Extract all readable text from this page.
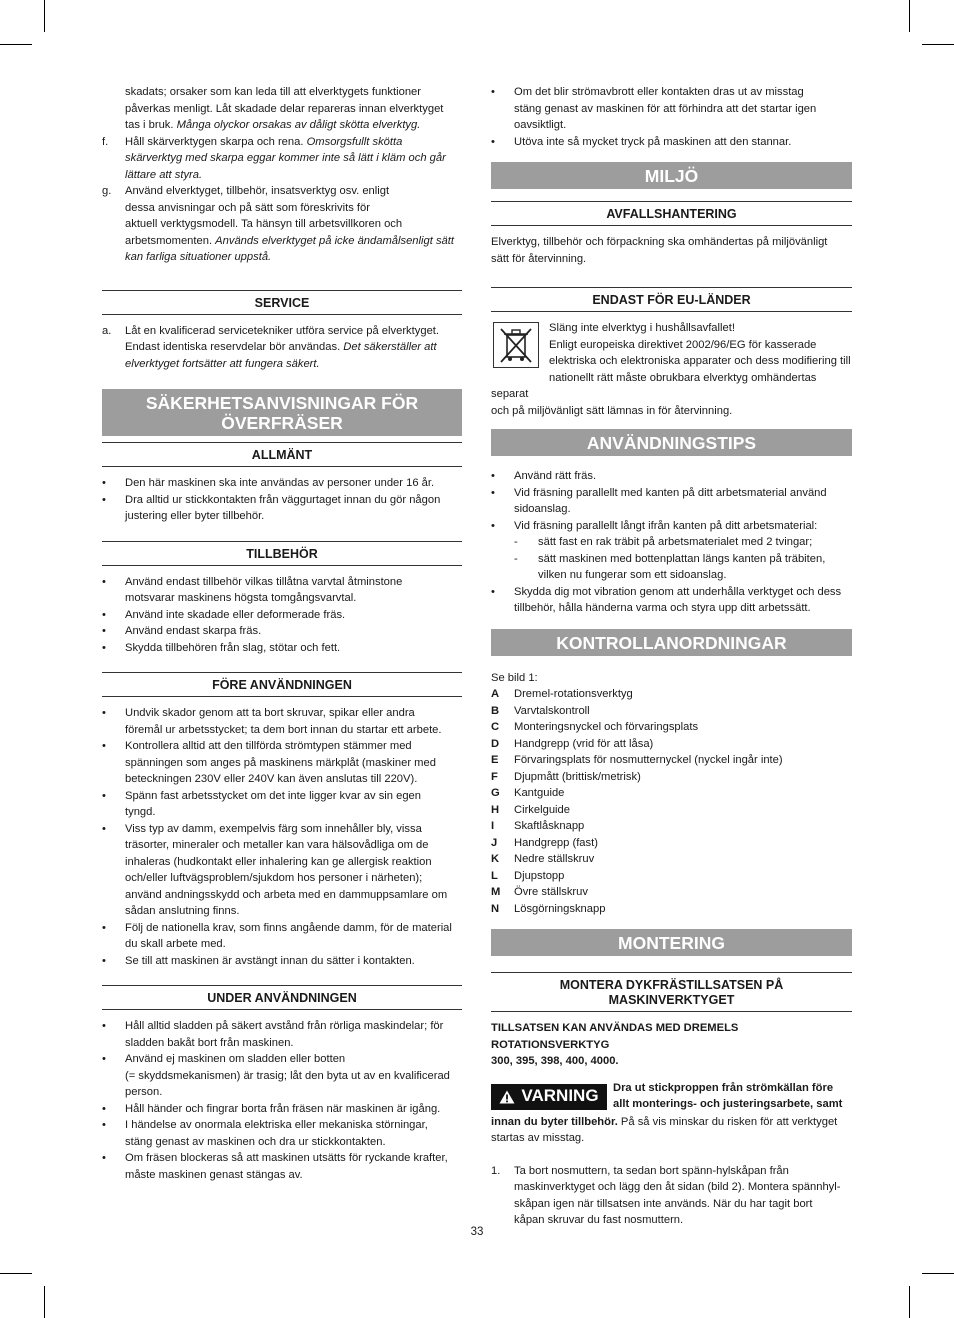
skadats; orsaker som kan leda till att elverktygets funktioner

påverkas menligt. Låt skadade delar repareras innan elverktyget

tas i bruk. Många olyckor orsakas av dåligt skötta elverktyg.

f.	Håll skärverktygen skarpa och rena. Omsorgsfullt skötta

skärverktyg med skarpa eggar kommer inte så lätt i kläm och går

lättare att styra.

g.	Använd elverktyget, tillbehör, insatsverktyg osv. enligt

dessa anvisningar och på sätt som föreskrivits för

aktuell verktygsmodell. Ta hänsyn till arbetsvillkoren och

arbetsmomenten. Används elverktyget på icke ändamålsenligt sätt

kan farliga situationer uppstå.

SERVICE
a.	Låt en kvalificerad servicetekniker utföra service på elverktyget.

Endast identiska reservdelar bör användas. Det säkerställer att

elverktyget fortsätter att fungera säkert.

SÄKERHETSANVISNINGAR FÖR
ÖVERFRÄSER
ALLMÄNT
•	Den här maskinen ska inte användas av personer under 16 år.

•	Dra alltid ur stickkontakten från väggurtaget innan du gör någon

justering eller byter tillbehör.

TILLBEHÖR
•	Använd endast tillbehör vilkas tillåtna varvtal åtminstone

motsvarar maskinens högsta tomgångsvarvtal.

•	Använd inte skadade eller deformerade fräs.

•	Använd endast skarpa fräs.

•	Skydda tillbehören från slag, stötar och fett.

FÖRE ANVÄNDNINGEN
•	Undvik skador genom att ta bort skruvar, spikar eller andra

föremål ur arbetsstycket; ta dem bort innan du startar ett arbete.

•	Kontrollera alltid att den tillförda strömtypen stämmer med

spänningen som anges på maskinens märkplåt (maskiner med

beteckningen 230V eller 240V kan även anslutas till 220V).

•	Spänn fast arbetsstycket om det inte ligger kvar av sin egen

tyngd.

•	Viss typ av damm, exempelvis färg som innehåller bly, vissa

träsorter, mineraler och metaller kan vara hälsovådliga om de

inhaleras (hudkontakt eller inhalering kan ge allergisk reaktion

och/eller luftvägsproblem/sjukdom hos personer i närheten);

använd andningsskydd och arbeta med en dammuppsamlare om

sådan anslutning finns.

•	Följ de nationella krav, som finns angående damm, för de material

du skall arbete med.

•	Se till att maskinen är avstängt innan du sätter i kontakten.

UNDER ANVÄNDNINGEN
•	Håll alltid sladden på säkert avstånd från rörliga maskindelar; för

sladden bakåt bort från maskinen.

•	Använd ej maskinen om sladden eller botten

(= skyddsmekanismen) är trasig; låt den byta ut av en kvalificerad

person.

•	Håll händer och fingrar borta från fräsen när maskinen är igång.

•	I händelse av onormala elektriska eller mekaniska störningar,

stäng genast av maskinen och dra ur stickkontakten.

•	Om fräsen blockeras så att maskinen utsätts för ryckande krafter,

måste maskinen genast stängas av.

•	Om det blir strömavbrott eller kontakten dras ut av misstag

stäng genast av maskinen för att förhindra att det startar igen

oavsiktligt.

•	Utöva inte så mycket tryck på maskinen att den stannar.

MILJÖ
AVFALLSHANTERING

Elverktyg, tillbehör och förpackning ska omhändertas på miljövänligt

sätt för återvinning.

ENDAST FÖR EU-LÄNDER

Släng inte elverktyg i hushållsavfallet!

Enligt europeiska direktivet 2002/96/EG för kasserade

elektriska och elektroniska apparater och dess modifiering till

nationellt rätt måste obrukbara elverktyg omhändertas separat

och på miljövänligt sätt lämnas in för återvinning.

ANVÄNDNINGSTIPS
•	Använd rätt fräs.

•	Vid fräsning parallellt med kanten på ditt arbetsmaterial använd

sidoanslag.

•	Vid fräsning parallellt långt ifrån kanten på ditt arbetsmaterial:

-	sätt fast en rak träbit på arbetsmaterialet med 2 tvingar;

-	sätt maskinen med bottenplattan längs kanten på träbiten,

vilken nu fungerar som ett sidoanslag.

•	Skydda dig mot vibration genom att underhålla verktyget och dess

tillbehör, hålla händerna varma och styra upp ditt arbetssätt.

KONTROLLANORDNINGAR

Se bild 1:

A	Dremel-rotationsverktyg
B	Varvtalskontroll
C	Monteringsnyckel och förvaringsplats
D	Handgrepp (vrid för att låsa)
E	Förvaringsplats för nosmutternyckel (nyckel ingår inte)
F	Djupmått (brittisk/metrisk)
G	Kantguide
H	Cirkelguide
I	Skaftlåsknapp
J	Handgrepp (fast)
K	Nedre ställskruv
L	Djupstopp
M	Övre ställskruv
N	Lösgörningsknapp
MONTERING
MONTERA DYKFRÄSTILLSATSEN PÅ
MASKINVERKTYGET

TILLSATSEN KAN ANVÄNDAS MED DREMELS ROTATIONSVERKTYG

300, 395, 398, 400, 4000.

VARNING	Dra ut stickproppen från strömkällan före

allt monterings- och justeringsarbete, samt

innan du byter tillbehör. På så vis minskar du risken för att verktyget

startas av misstag.

1.	Ta bort nosmuttern, ta sedan bort spänn-hylskåpan från

maskinverktyget och lägg den åt sidan (bild 2). Montera spännhyl-

skåpan igen när tillsatsen inte används. När du har tagit bort

kåpan skruvar du fast nosmuttern.

33
